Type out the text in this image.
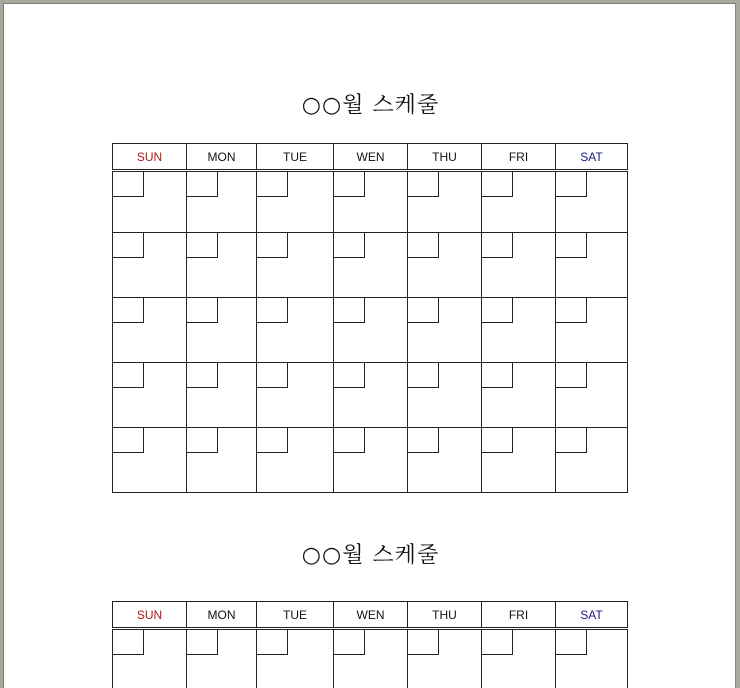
○○월 스케줄
SUN	MON	TUE	WEN	THU	FRI	SAT

○○월 스케줄
SUN	MON	TUE	WEN	THU	FRI	SAT
